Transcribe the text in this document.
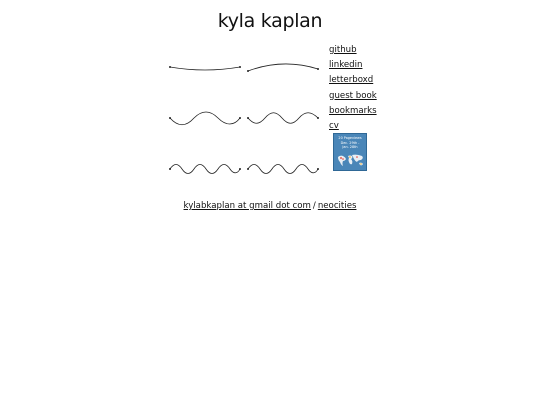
kyla kaplan
github
linkedin
letterboxd
guest book
bookmarks
cv
20 Pageviews
Dec. 29th -
Jan. 28th
kylabkaplan at gmail dot com / neocities
